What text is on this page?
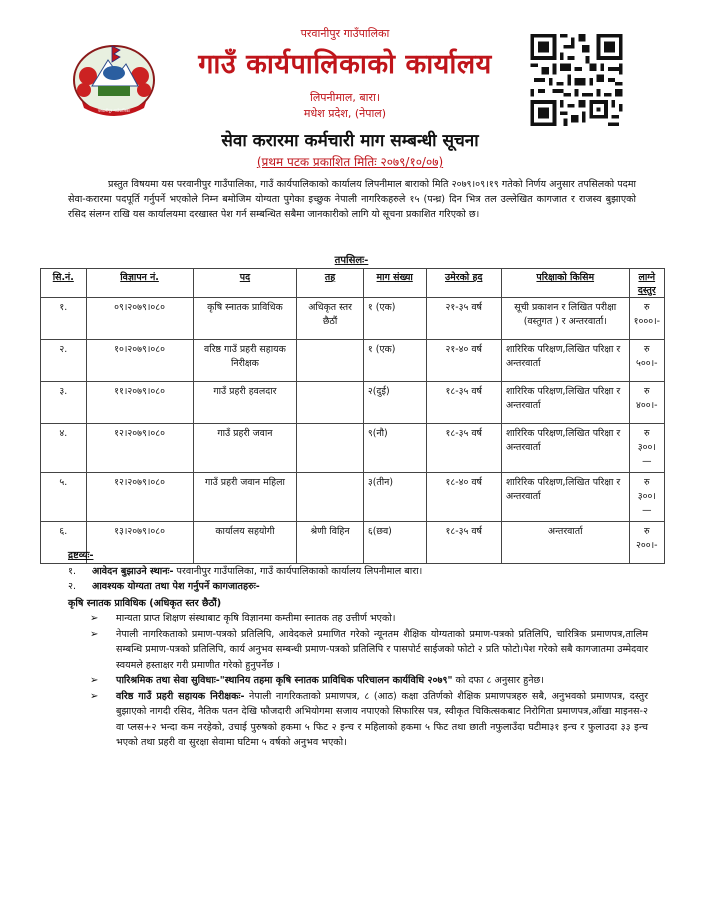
परवानीपुर गाउँपालिका
परवानीपुर गाउँपालिका
गाउँ कार्यपालिकाको कार्यालय
लिपनीमाल, बारा।
मधेश प्रदेश, (नेपाल)
सेवा करारमा कर्मचारी माग सम्बन्धी सूचना
(प्रथम पटक प्रकाशित मितिः २०७९/१०/०७)
प्रस्तुत विषयमा यस परवानीपुर गाउँपालिका, गाउँ कार्यपालिकाको कार्यालय लिपनीमाल बाराको मिति २०७९।०९।१९ गतेको निर्णय अनुसार तपसिलको पदमा सेवा-करारमा पदपूर्ति गर्नुपर्ने भएकोले निम्न बमोजिम योग्यता पुगेका इच्छुक नेपाली नागरिकहरुले १५ (पन्ध्र) दिन भित्र तल उल्लेखित कागजात र राजस्व बुझाएको रसिद संलग्न राखि यस कार्यालयमा दरखास्त पेश गर्न सम्बन्धित सबैमा जानकारीको लागि यो सूचना प्रकाशित गरिएको छ।
तपसिलः-
सि.नं.	विज्ञापन नं.	पद	तह	माग संख्या	उमेरको हद	परिक्षाको किसिम	लाग्ने दस्तुर
१.	०९।२०७९।०८०	कृषि स्नातक प्राविधिक	अधिकृत स्तर छैठौं	१ (एक)	२१-३५ वर्ष	सूची प्रकाशन र लिखित परीक्षा (वस्तुगत ) र अन्तरवार्ता।	रु १०००।-
२.	१०।२०७९।०८०	वरिष्ठ गाउँ प्रहरी सहायक निरीक्षक		१ (एक)	२१-४० वर्ष	शारिरिक परिक्षण,लिखित परिक्षा र अन्तरवार्ता	रु ५००।-
३.	११।२०७९।०८०	गाउँ प्रहरी हवलदार		२(दुई)	१८-३५ वर्ष	शारिरिक परिक्षण,लिखित परिक्षा र अन्तरवार्ता	रु ४००।-
४.	१२।२०७९।०८०	गाउँ प्रहरी जवान		९(नौ)	१८-३५ वर्ष	शारिरिक परिक्षण,लिखित परिक्षा र अन्तरवार्ता	रु ३००।—
५.	१२।२०७९।०८०	गाउँ प्रहरी जवान महिला		३(तीन)	१८-४० वर्ष	शारिरिक परिक्षण,लिखित परिक्षा र अन्तरवार्ता	रु ३००।—
६.	१३।२०७९।०८०	कार्यालय सहयोगी	श्रेणी विहिन	६(छव)	१८-३५ वर्ष	अन्तरवार्ता	रु २००।-
द्रष्टव्यः-
१.	आवेदन बुझाउने स्थानः- परवानीपुर गाउँपालिका, गाउँ कार्यपालिकाको कार्यालय लिपनीमाल बारा।
२.	आवश्यक योग्यता तथा पेश गर्नुपर्ने कागजातहरुः-
कृषि स्नातक प्राविधिक (अधिकृत स्तर छैठौं)
➢ मान्यता प्राप्त शिक्षण संस्थाबाट कृषि विज्ञानमा कम्तीमा स्नातक तह उत्तीर्ण भएको।
➢ नेपाली नागरिकताको प्रमाण-पत्रको प्रतिलिपि, आवेदकले प्रमाणित गरेको न्यूनतम शैक्षिक योग्यताको प्रमाण-पत्रको प्रतिलिपि, चारित्रिक प्रमाणपत्र,तालिम सम्बन्धि प्रमाण-पत्रको प्रतिलिपि, कार्य अनुभव सम्बन्धी प्रमाण-पत्रको प्रतिलिपि र पासपोर्ट साईजको फोटो २ प्रति फोटो।पेश गरेको सबै कागजातमा उम्मेदवार स्वयमले हस्ताक्षर गरी प्रमाणीत गरेको हुनुपर्नेछ ।
➢ पारिश्रमिक तथा सेवा सुविधाः-"स्थानिय तहमा कृषि स्नातक प्राविधिक परिचालन कार्यविधि २०७९" को दफा ८ अनुसार हुनेछ।
➢ वरिष्ठ गाउँ प्रहरी सहायक निरीक्षकः- नेपाली नागरिकताको प्रमाणपत्र, ८ (आठ) कक्षा उतिर्णको शैक्षिक प्रमाणपत्रहरु सबै, अनुभवको प्रमाणपत्र, दस्तुर बुझाएको नागदी रसिद, नैतिक पतन देखि फौजदारी अभियोगमा सजाय नपाएको सिफारिस पत्र, स्वीकृत चिकित्सकबाट निरोगिता प्रमाणपत्र,आँखा माइनस-२ वा प्लस+२ भन्दा कम नरहेको, उचाई पुरुषको हकमा ५ फिट २ इन्च र महिलाको हकमा ५ फिट तथा छाती नफुलाउँदा घटीमा३१ इन्च र फुलाउदा ३३ इन्च भएको तथा प्रहरी वा सुरक्षा सेवामा घटिमा ५ वर्षको अनुभव भएको।
